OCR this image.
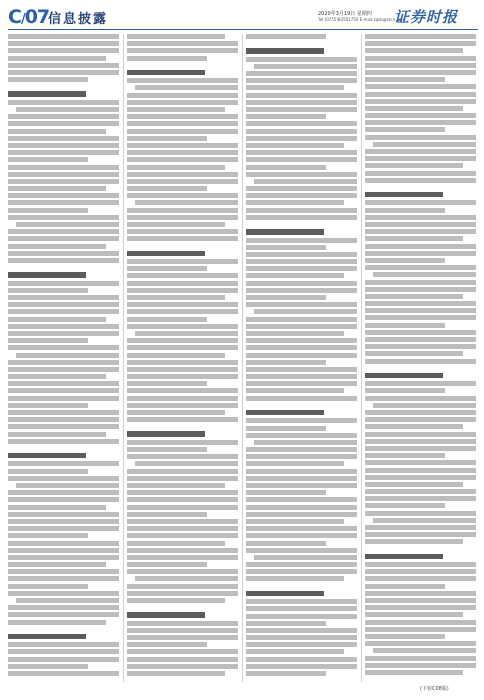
C/07
信息披露	2020年3月19日 星期四
Tel:(0755)83501750 E-mail:zqsb@stcn.com
证券时报
(下转C08版)
